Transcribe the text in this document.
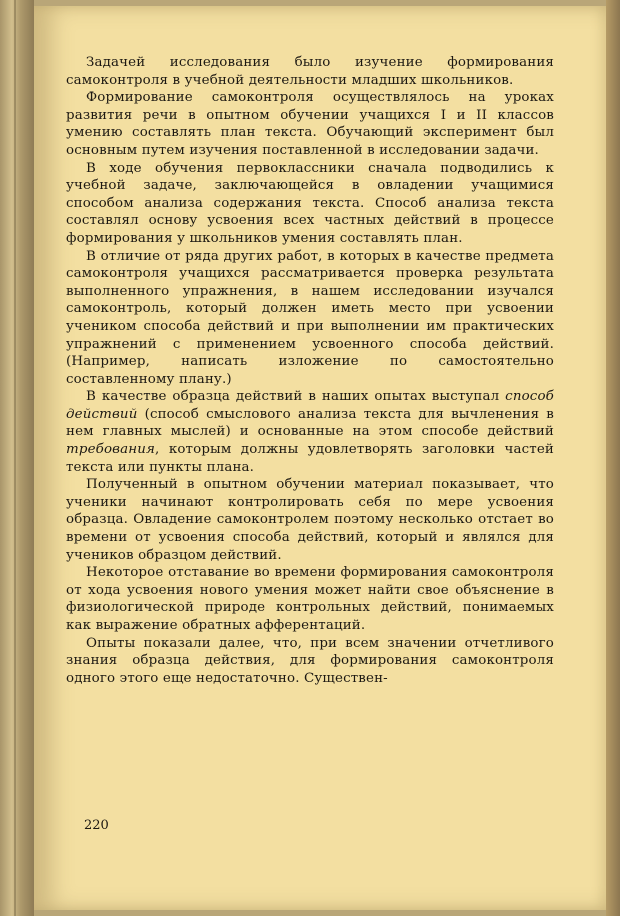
Задачей исследования было изучение формирования самоконтроля в учебной деятельности младших школьников.

Формирование самоконтроля осуществлялось на уроках развития речи в опытном обучении учащихся I и II классов умению составлять план текста. Обучающий эксперимент был основным путем изучения поставленной в исследовании задачи.

В ходе обучения первоклассники сначала подводились к учебной задаче, заключающейся в овладении учащимися способом анализа содержания текста. Способ анализа текста составлял основу усвоения всех частных действий в процессе формирования у школьников умения составлять план.

В отличие от ряда других работ, в которых в качестве предмета самоконтроля учащихся рассматривается проверка результата выполненного упражнения, в нашем исследовании изучался самоконтроль, который должен иметь место при усвоении учеником способа действий и при выполнении им практических упражнений с применением усвоенного способа действий. (Например, написать изложение по самостоятельно составленному плану.)

В качестве образца действий в наших опытах выступал способ действий (способ смыслового анализа текста для вычленения в нем главных мыслей) и основанные на этом способе действий требования, которым должны удовлетворять заголовки частей текста или пункты плана.

Полученный в опытном обучении материал показывает, что ученики начинают контролировать себя по мере усвоения образца. Овладение самоконтролем поэтому несколько отстает во времени от усвоения способа действий, который и являлся для учеников образцом действий.

Некоторое отставание во времени формирования самоконтроля от хода усвоения нового умения может найти свое объяснение в физиологической природе контрольных действий, понимаемых как выражение обратных афферентаций.

Опыты показали далее, что, при всем значении отчетливого знания образца действия, для формирования самоконтроля одного этого еще недостаточно. Существен-

220
